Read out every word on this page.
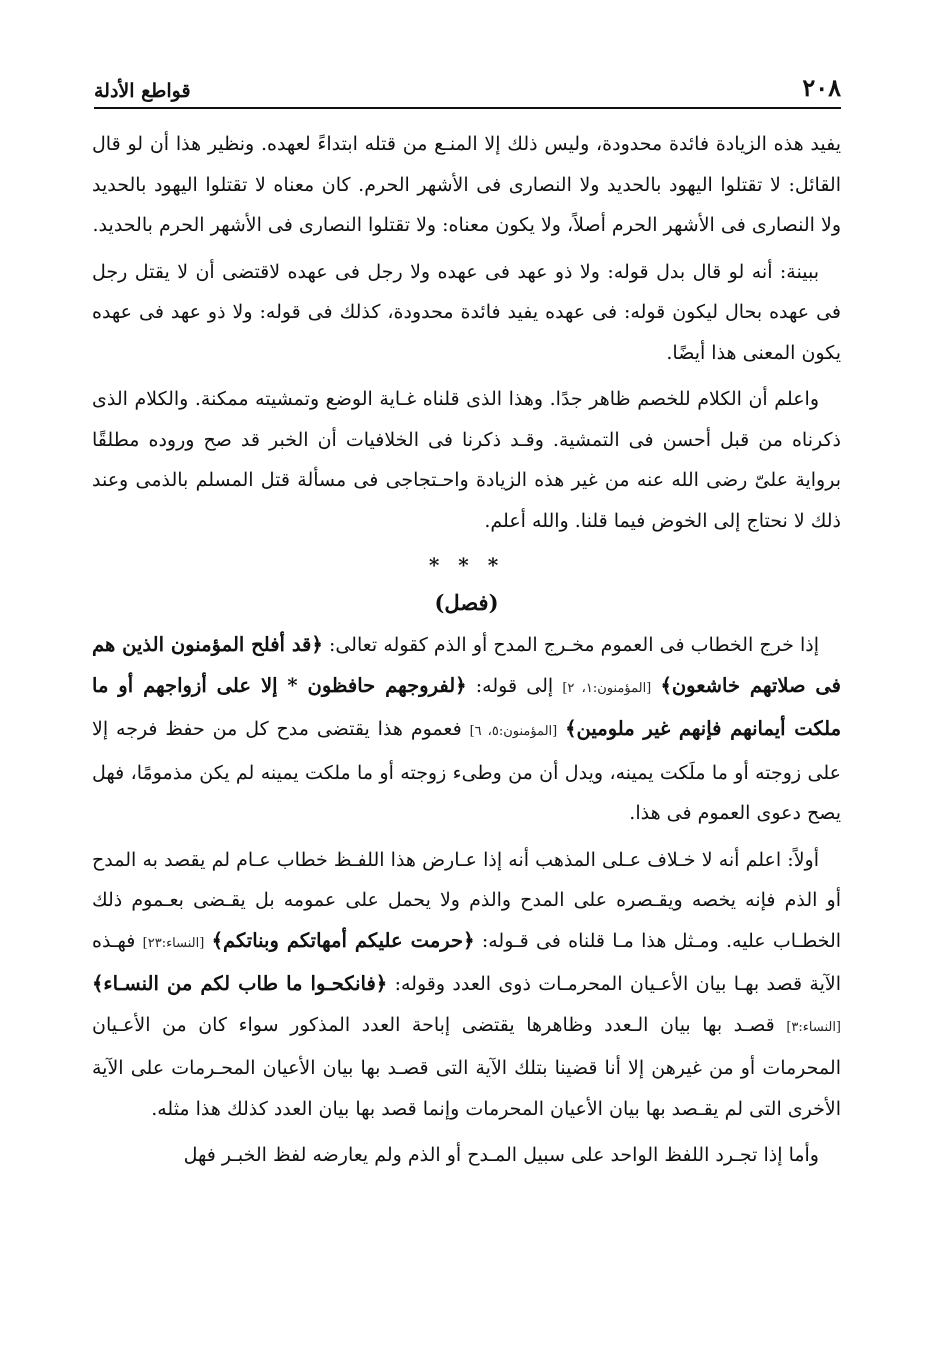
٢٠٨
قواطع الأدلة

يفيد هذه الزيادة فائدة محدودة، وليس ذلك إلا المنـع من قتله ابتداءً لعهده. ونظير هذا أن لو قال القائل: لا تقتلوا اليهود بالحديد ولا النصارى فى الأشهر الحرم. كان معناه لا تقتلوا اليهود بالحديد ولا النصارى فى الأشهر الحرم أصلاً، ولا يكون معناه: ولا تقتلوا النصارى فى الأشهر الحرم بالحديد.

ببينة: أنه لو قال بدل قوله: ولا ذو عهد فى عهده ولا رجل فى عهده لاقتضى أن لا يقتل رجل فى عهده بحال ليكون قوله: فى عهده يفيد فائدة محدودة، كذلك فى قوله: ولا ذو عهد فى عهده يكون المعنى هذا أيضًا.

واعلم أن الكلام للخصم ظاهر جدًا. وهذا الذى قلناه غـاية الوضع وتمشيته ممكنة. والكلام الذى ذكرناه من قبل أحسن فى التمشية. وقـد ذكرنا فى الخلافيات أن الخبر قد صح وروده مطلقًا برواية علىّ رضى الله عنه من غير هذه الزيادة واحـتجاجى فى مسألة قتل المسلم بالذمى وعند ذلك لا نحتاج إلى الخوض فيما قلنا. والله أعلم.

* * *
(فصل)

إذا خرج الخطاب فى العموم مخـرج المدح أو الذم كقوله تعالى: ﴿قد أفلح المؤمنون الذين هم فى صلاتهم خاشعون﴾ [المؤمنون:١، ٢] إلى قوله: ﴿لفروجهم حافظون * إلا على أزواجهم أو ما ملكت أيمانهم فإنهم غير ملومين﴾ [المؤمنون:٥، ٦] فعموم هذا يقتضى مدح كل من حفظ فرجه إلا على زوجته أو ما ملَكت يمينه، ويدل أن من وطىء زوجته أو ما ملكت يمينه لم يكن مذمومًا، فهل يصح دعوى العموم فى هذا.

أولاً: اعلم أنه لا خـلاف عـلى المذهب أنه إذا عـارض هذا اللفـظ خطاب عـام لم يقصد به المدح أو الذم فإنه يخصه ويقـصره على المدح والذم ولا يحمل على عمومه بل يقـضى بعـموم ذلك الخطـاب عليه. ومـثل هذا مـا قلناه فى قـوله: ﴿حرمت عليكم أمهاتكم وبناتكم﴾ [النساء:٢٣] فهـذه الآية قصد بهـا بيان الأعـيان المحرمـات ذوى العدد وقوله: ﴿فانكحـوا ما طاب لكم من النسـاء﴾ [النساء:٣] قصـد بها بيان الـعدد وظاهرها يقتضى إباحة العدد المذكور سواء كان من الأعـيان المحرمات أو من غيرهن إلا أنا قضينا بتلك الآية التى قصـد بها بيان الأعيان المحـرمات على الآية الأخرى التى لم يقـصد بها بيان الأعيان المحرمات وإنما قصد بها بيان العدد كذلك هذا مثله.

وأما إذا تجـرد اللفظ الواحد على سبيل المـدح أو الذم ولم يعارضه لفظ الخبـر فهل
